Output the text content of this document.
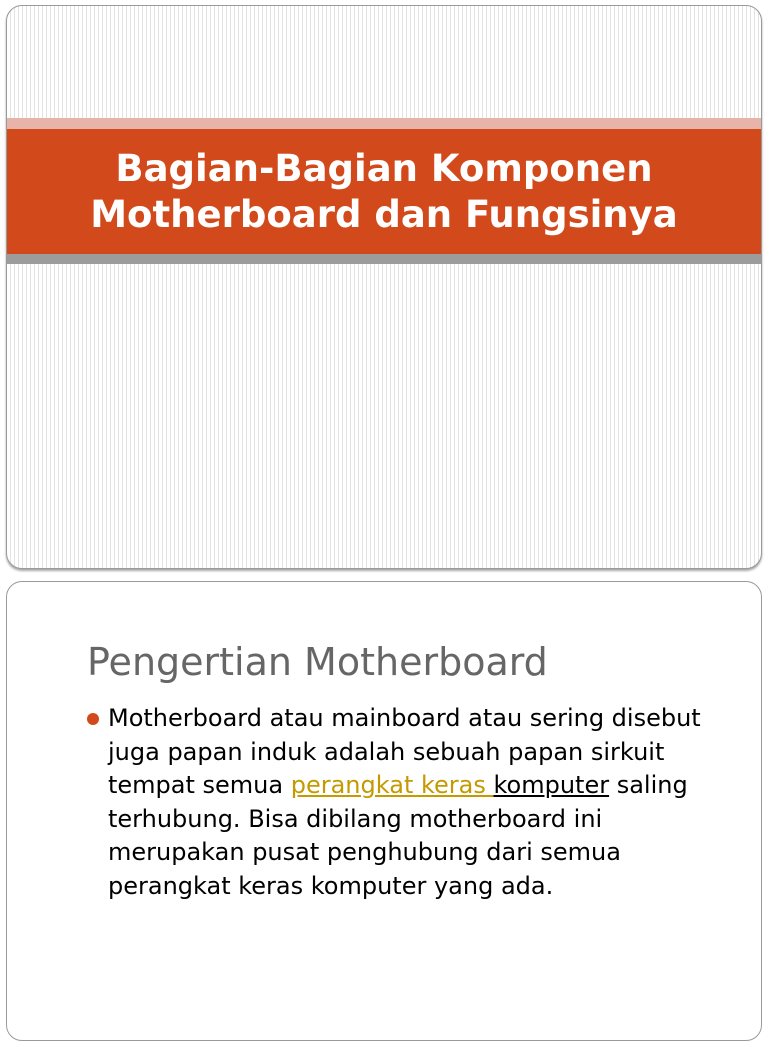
Bagian-Bagian Komponen
Motherboard dan Fungsinya
Pengertian Motherboard

Motherboard atau mainboard atau sering disebut juga papan induk adalah sebuah papan sirkuit tempat semua perangkat keras komputer saling terhubung. Bisa dibilang motherboard ini merupakan pusat penghubung dari semua perangkat keras komputer yang ada.
